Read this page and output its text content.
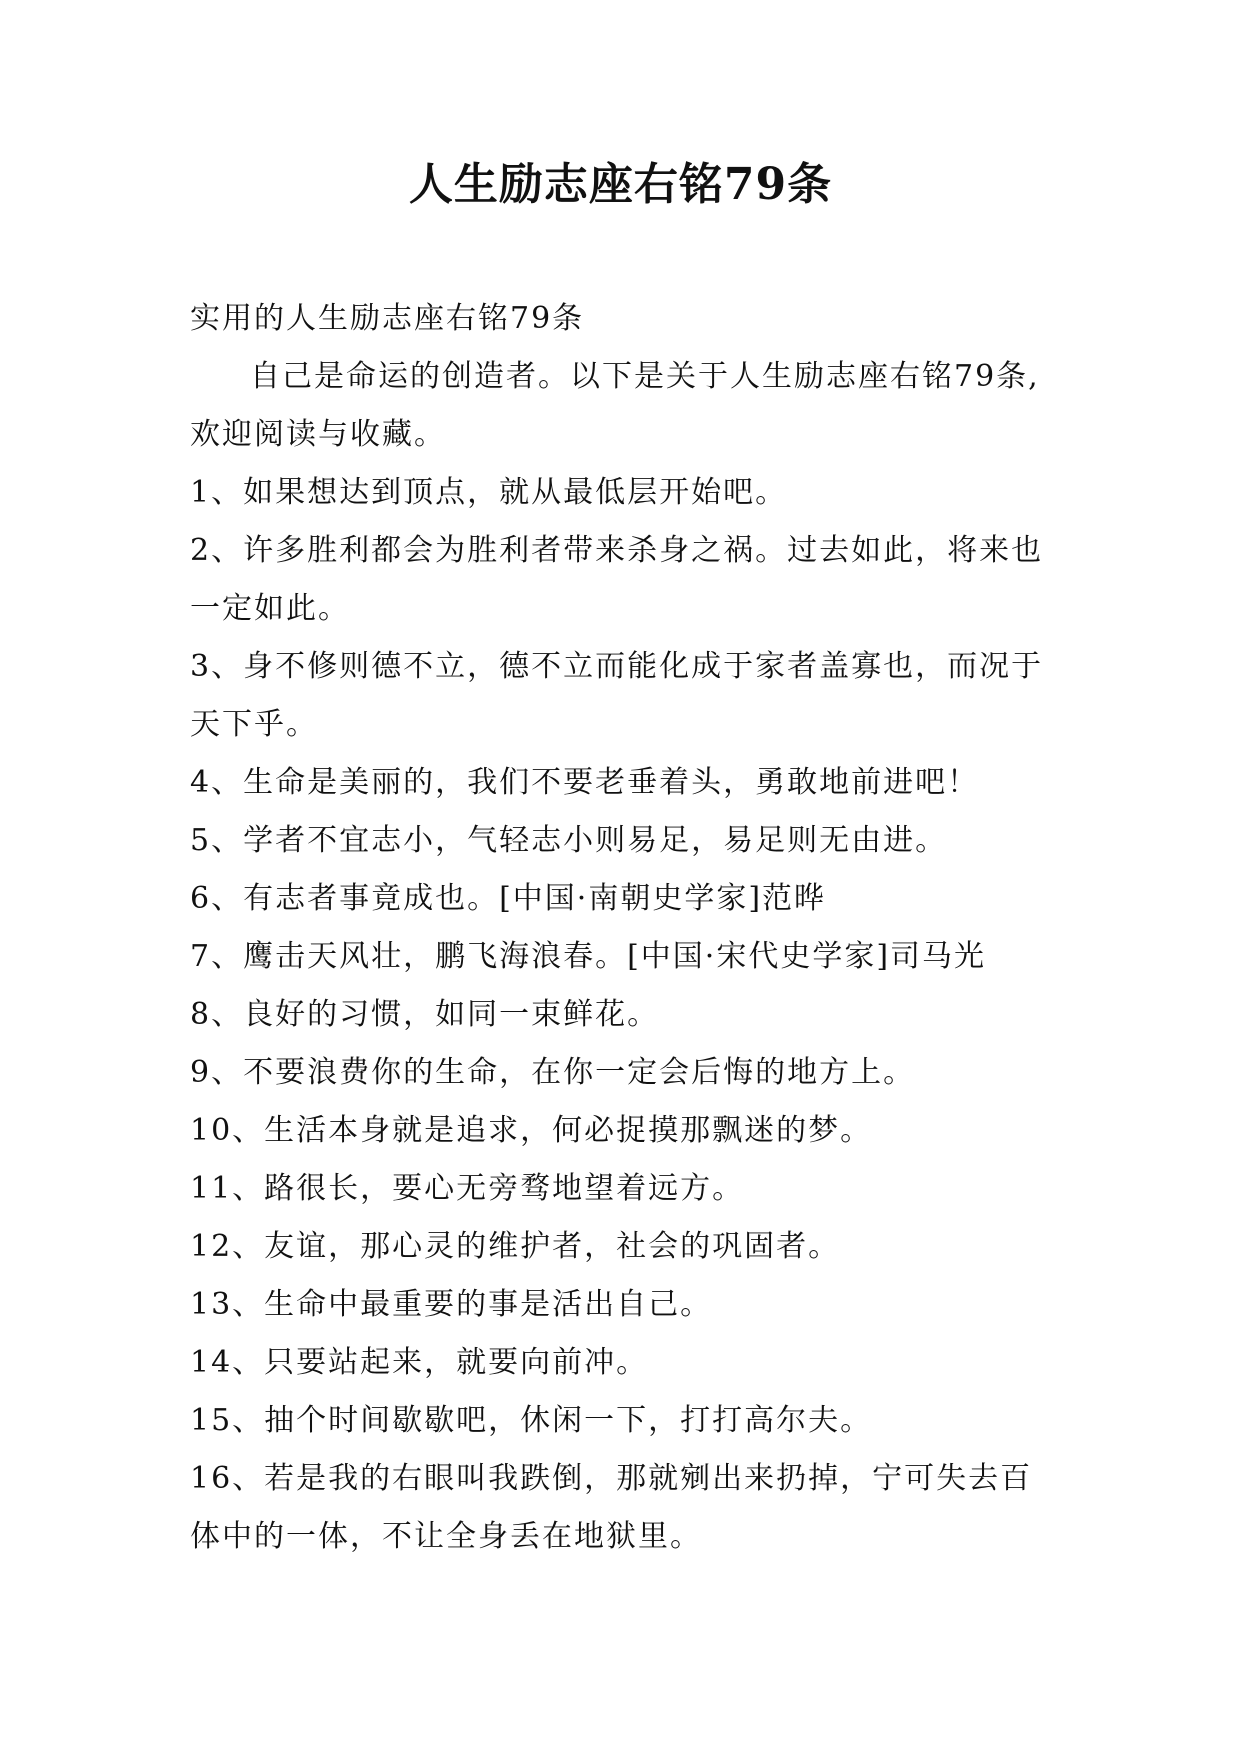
人生励志座右铭79条

实用的人生励志座右铭79条

自己是命运的创造者。以下是关于人生励志座右铭79条,欢迎阅读与收藏。

1、如果想达到顶点，就从最低层开始吧。

2、许多胜利都会为胜利者带来杀身之祸。过去如此，将来也一定如此。

3、身不修则德不立，德不立而能化成于家者盖寡也，而况于天下乎。

4、生命是美丽的，我们不要老垂着头，勇敢地前进吧！

5、学者不宜志小，气轻志小则易足，易足则无由进。

6、有志者事竟成也。[中国·南朝史学家]范晔

7、鹰击天风壮，鹏飞海浪春。[中国·宋代史学家]司马光

8、良好的习惯，如同一束鲜花。

9、不要浪费你的生命，在你一定会后悔的地方上。

10、生活本身就是追求，何必捉摸那飘迷的梦。

11、路很长，要心无旁骛地望着远方。

12、友谊，那心灵的维护者，社会的巩固者。

13、生命中最重要的事是活出自己。

14、只要站起来，就要向前冲。

15、抽个时间歇歇吧，休闲一下，打打高尔夫。

16、若是我的右眼叫我跌倒，那就剜出来扔掉，宁可失去百体中的一体，不让全身丢在地狱里。
